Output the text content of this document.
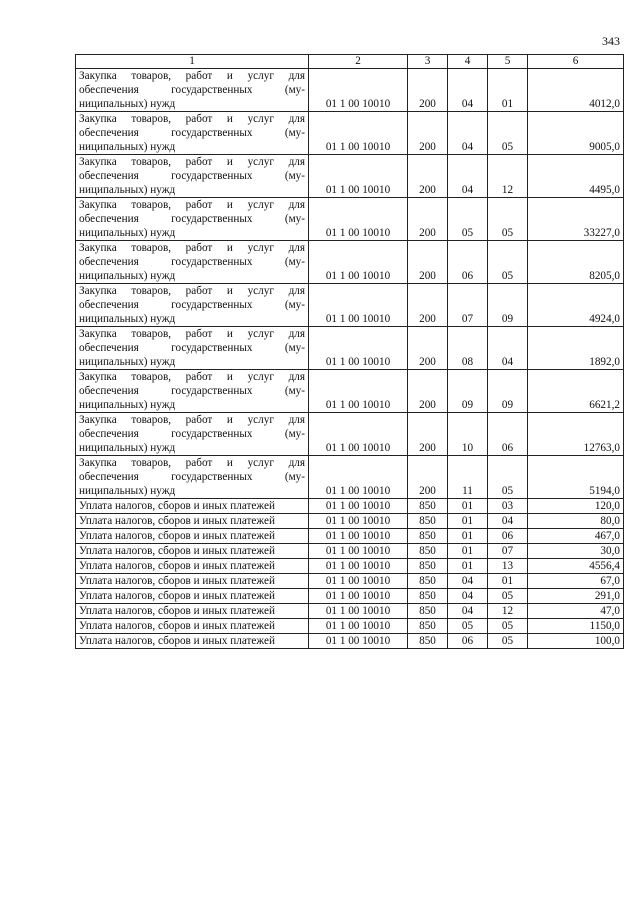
343
1	2	3	4	5	6
Закупка товаров, работ и услуг для обеспечения государственных (муниципальных) нужд	01 1 00 10010	200	04	01	4012,0
Закупка товаров, работ и услуг для обеспечения государственных (муниципальных) нужд	01 1 00 10010	200	04	05	9005,0
Закупка товаров, работ и услуг для обеспечения государственных (муниципальных) нужд	01 1 00 10010	200	04	12	4495,0
Закупка товаров, работ и услуг для обеспечения государственных (муниципальных) нужд	01 1 00 10010	200	05	05	33227,0
Закупка товаров, работ и услуг для обеспечения государственных (муниципальных) нужд	01 1 00 10010	200	06	05	8205,0
Закупка товаров, работ и услуг для обеспечения государственных (муниципальных) нужд	01 1 00 10010	200	07	09	4924,0
Закупка товаров, работ и услуг для обеспечения государственных (муниципальных) нужд	01 1 00 10010	200	08	04	1892,0
Закупка товаров, работ и услуг для обеспечения государственных (муниципальных) нужд	01 1 00 10010	200	09	09	6621,2
Закупка товаров, работ и услуг для обеспечения государственных (муниципальных) нужд	01 1 00 10010	200	10	06	12763,0
Закупка товаров, работ и услуг для обеспечения государственных (муниципальных) нужд	01 1 00 10010	200	11	05	5194,0
Уплата налогов, сборов и иных платежей	01 1 00 10010	850	01	03	120,0
Уплата налогов, сборов и иных платежей	01 1 00 10010	850	01	04	80,0
Уплата налогов, сборов и иных платежей	01 1 00 10010	850	01	06	467,0
Уплата налогов, сборов и иных платежей	01 1 00 10010	850	01	07	30,0
Уплата налогов, сборов и иных платежей	01 1 00 10010	850	01	13	4556,4
Уплата налогов, сборов и иных платежей	01 1 00 10010	850	04	01	67,0
Уплата налогов, сборов и иных платежей	01 1 00 10010	850	04	05	291,0
Уплата налогов, сборов и иных платежей	01 1 00 10010	850	04	12	47,0
Уплата налогов, сборов и иных платежей	01 1 00 10010	850	05	05	1150,0
Уплата налогов, сборов и иных платежей	01 1 00 10010	850	06	05	100,0
